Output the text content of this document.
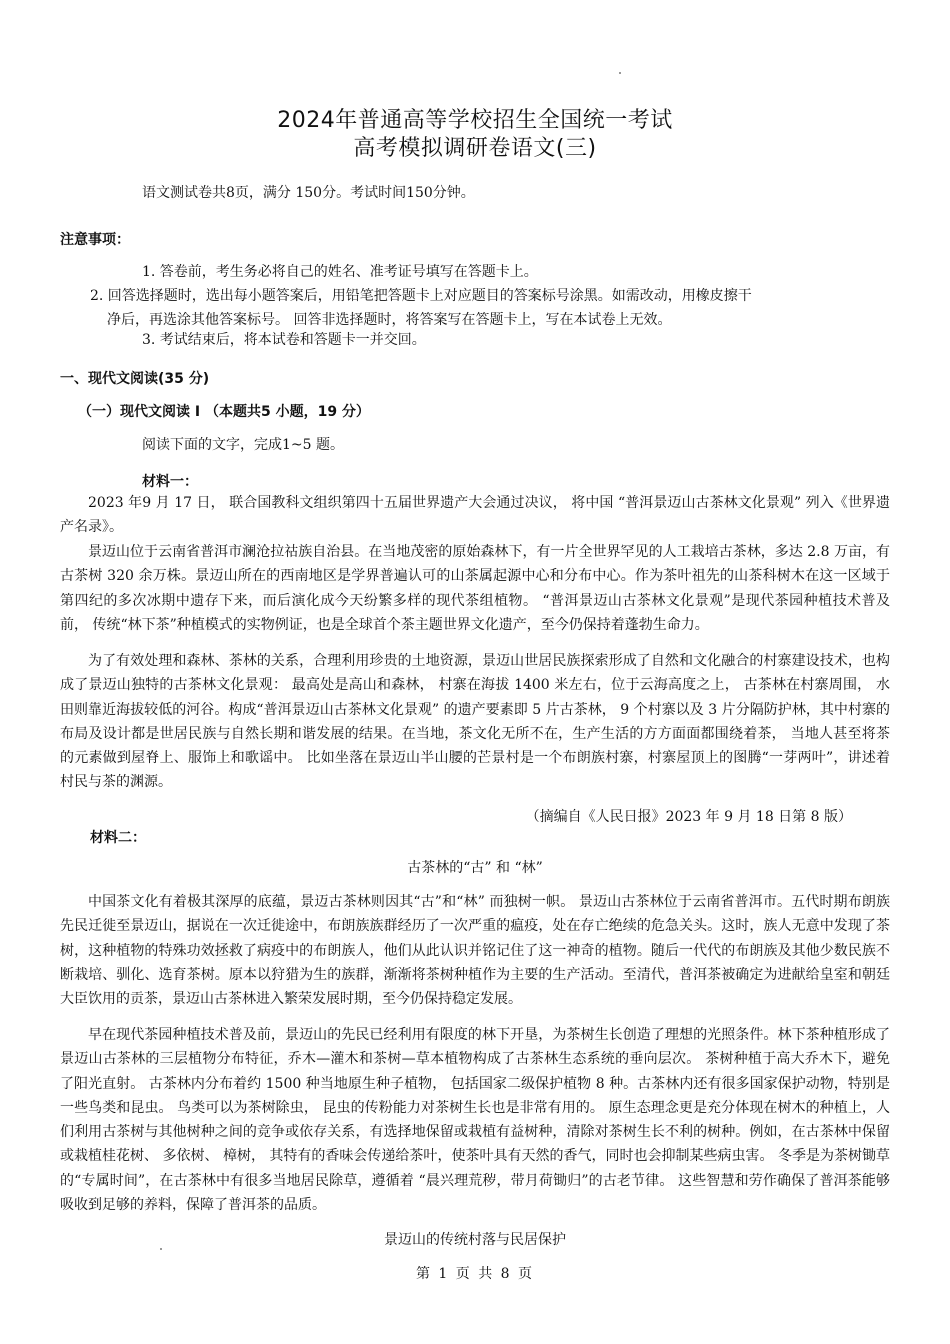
2024年普通高等学校招生全国统一考试
高考模拟调研卷语文(三)
语文测试卷共8页，满分 150分。考试时间150分钟。
注意事项：
1. 答卷前，考生务必将自己的姓名、准考证号填写在答题卡上。
2. 回答选择题时，选出每小题答案后，用铅笔把答题卡上对应题目的答案标号涂黑。如需改动，用橡皮擦干
净后，再选涂其他答案标号。 回答非选择题时，将答案写在答题卡上，写在本试卷上无效。
3. 考试结束后，将本试卷和答题卡一并交回。
一、现代文阅读(35 分)
（一）现代文阅读 Ⅰ （本题共5 小题，19 分）
阅读下面的文字，完成1~5 题。
材料一：
2023 年9 月 17 日， 联合国教科文组织第四十五届世界遗产大会通过决议， 将中国 “普洱景迈山古茶林文化景观” 列入《世界遗产名录》。
景迈山位于云南省普洱市澜沧拉祜族自治县。在当地茂密的原始森林下，有一片全世界罕见的人工栽培古茶林，多达 2.8 万亩，有古茶树 320 余万株。景迈山所在的西南地区是学界普遍认可的山茶属起源中心和分布中心。作为茶叶祖先的山茶科树木在这一区域于第四纪的多次冰期中遗存下来，而后演化成今天纷繁多样的现代茶组植物。 “普洱景迈山古茶林文化景观”是现代茶园种植技术普及前， 传统“林下茶”种植模式的实物例证，也是全球首个茶主题世界文化遗产，至今仍保持着蓬勃生命力。
为了有效处理和森林、茶林的关系，合理利用珍贵的土地资源，景迈山世居民族探索形成了自然和文化融合的村寨建设技术，也构成了景迈山独特的古茶林文化景观： 最高处是高山和森林， 村寨在海拔 1400 米左右，位于云海高度之上， 古茶林在村寨周围， 水田则靠近海拔较低的河谷。构成“普洱景迈山古茶林文化景观” 的遗产要素即 5 片古茶林， 9 个村寨以及 3 片分隔防护林，其中村寨的布局及设计都是世居民族与自然长期和谐发展的结果。在当地，茶文化无所不在，生产生活的方方面面都围绕着茶， 当地人甚至将茶的元素做到屋脊上、服饰上和歌谣中。 比如坐落在景迈山半山腰的芒景村是一个布朗族村寨，村寨屋顶上的图腾“一芽两叶”，讲述着村民与茶的渊源。
（摘编自《人民日报》2023 年 9 月 18 日第 8 版）
材料二：
古茶林的“古” 和 “林”
中国茶文化有着极其深厚的底蕴，景迈古茶林则因其“古”和“林” 而独树一帜。 景迈山古茶林位于云南省普洱市。五代时期布朗族先民迁徙至景迈山，据说在一次迁徙途中，布朗族族群经历了一次严重的瘟疫，处在存亡绝续的危急关头。这时，族人无意中发现了茶树，这种植物的特殊功效拯救了病疫中的布朗族人，他们从此认识并铭记住了这一神奇的植物。随后一代代的布朗族及其他少数民族不断栽培、驯化、选育茶树。原本以狩猎为生的族群，渐渐将茶树种植作为主要的生产活动。至清代，普洱茶被确定为进献给皇室和朝廷大臣饮用的贡茶，景迈山古茶林进入繁荣发展时期，至今仍保持稳定发展。
早在现代茶园种植技术普及前，景迈山的先民已经利用有限度的林下开垦，为茶树生长创造了理想的光照条件。林下茶种植形成了景迈山古茶林的三层植物分布特征，乔木—灌木和茶树—草本植物构成了古茶林生态系统的垂向层次。 茶树种植于高大乔木下，避免了阳光直射。 古茶林内分布着约 1500 种当地原生种子植物， 包括国家二级保护植物 8 种。古茶林内还有很多国家保护动物，特别是一些鸟类和昆虫。 鸟类可以为茶树除虫， 昆虫的传粉能力对茶树生长也是非常有用的。 原生态理念更是充分体现在树木的种植上，人们利用古茶树与其他树种之间的竞争或依存关系，有选择地保留或栽植有益树种，清除对茶树生长不利的树种。例如，在古茶林中保留或栽植桂花树、 多依树、 樟树， 其特有的香味会传递给茶叶，使茶叶具有天然的香气，同时也会抑制某些病虫害。 冬季是为茶树锄草的“专属时间”，在古茶林中有很多当地居民除草，遵循着 “晨兴理荒秽，带月荷锄归”的古老节律。 这些智慧和劳作确保了普洱茶能够吸收到足够的养料，保障了普洱茶的品质。
景迈山的传统村落与民居保护
第 1 页 共 8 页
